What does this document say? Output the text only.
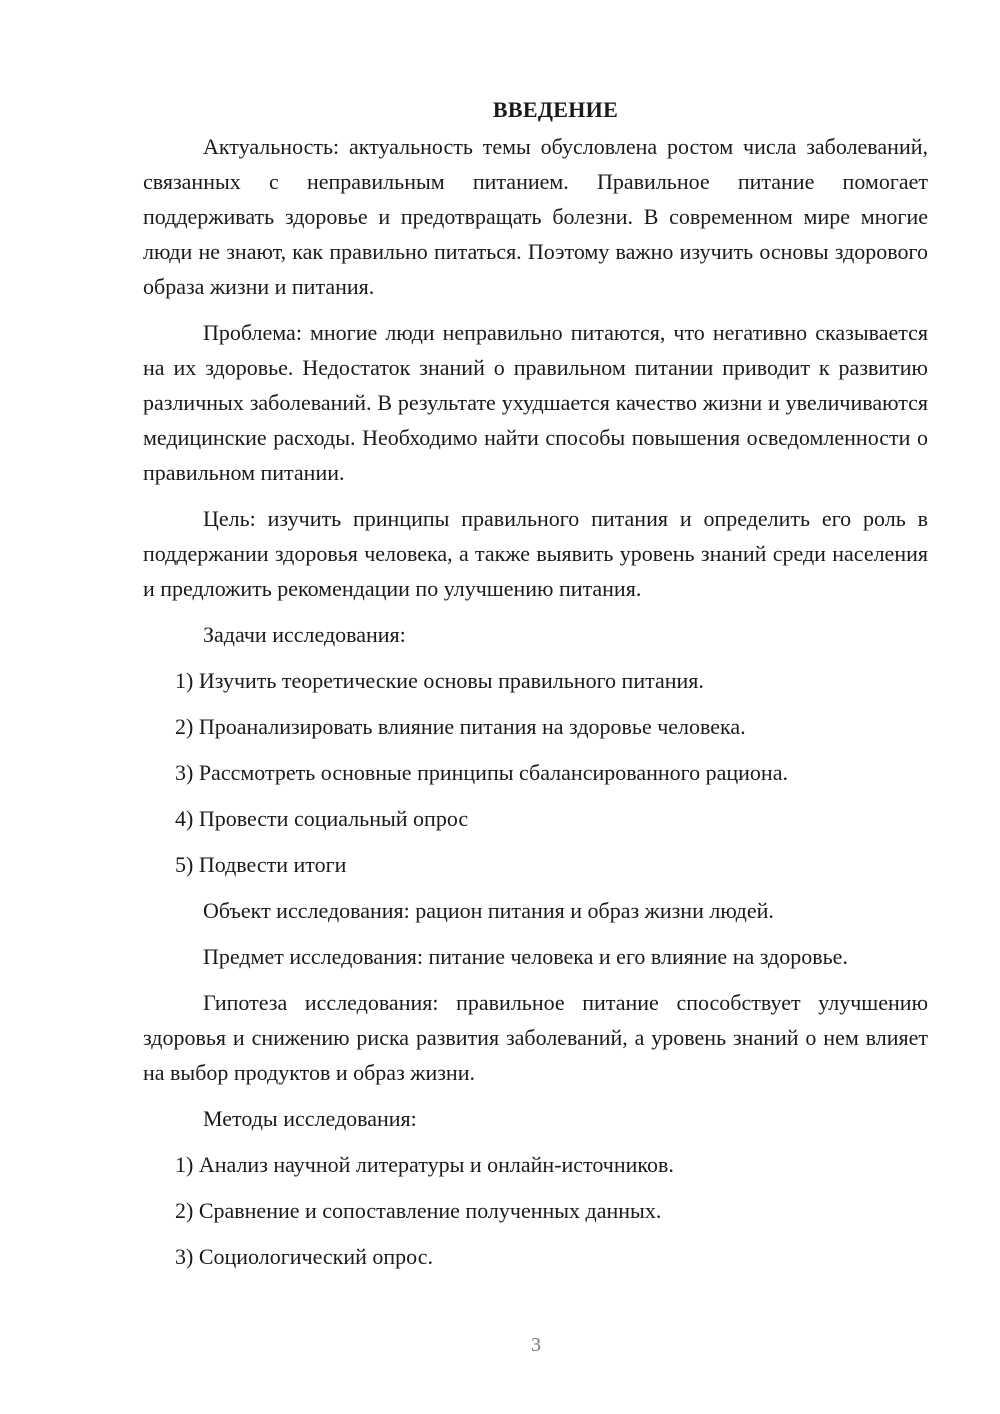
ВВЕДЕНИЕ

Актуальность: актуальность темы обусловлена ростом числа заболеваний, связанных с неправильным питанием. Правильное питание помогает поддерживать здоровье и предотвращать болезни. В современном мире многие люди не знают, как правильно питаться. Поэтому важно изучить основы здорового образа жизни и питания.

Проблема: многие люди неправильно питаются, что негативно сказывается на их здоровье. Недостаток знаний о правильном питании приводит к развитию различных заболеваний. В результате ухудшается качество жизни и увеличиваются медицинские расходы. Необходимо найти способы повышения осведомленности о правильном питании.

Цель: изучить принципы правильного питания и определить его роль в поддержании здоровья человека, а также выявить уровень знаний среди населения и предложить рекомендации по улучшению питания.

Задачи исследования:
1) Изучить теоретические основы правильного питания.
2) Проанализировать влияние питания на здоровье человека.
3) Рассмотреть основные принципы сбалансированного рациона.
4) Провести социальный опрос
5) Подвести итоги
Объект исследования: рацион питания и образ жизни людей.

Предмет исследования: питание человека и его влияние на здоровье.

Гипотеза исследования: правильное питание способствует улучшению здоровья и снижению риска развития заболеваний, а уровень знаний о нем влияет на выбор продуктов и образ жизни.

Методы исследования:
1) Анализ научной литературы и онлайн-источников.
2) Сравнение и сопоставление полученных данных.
3) Социологический опрос.
3
